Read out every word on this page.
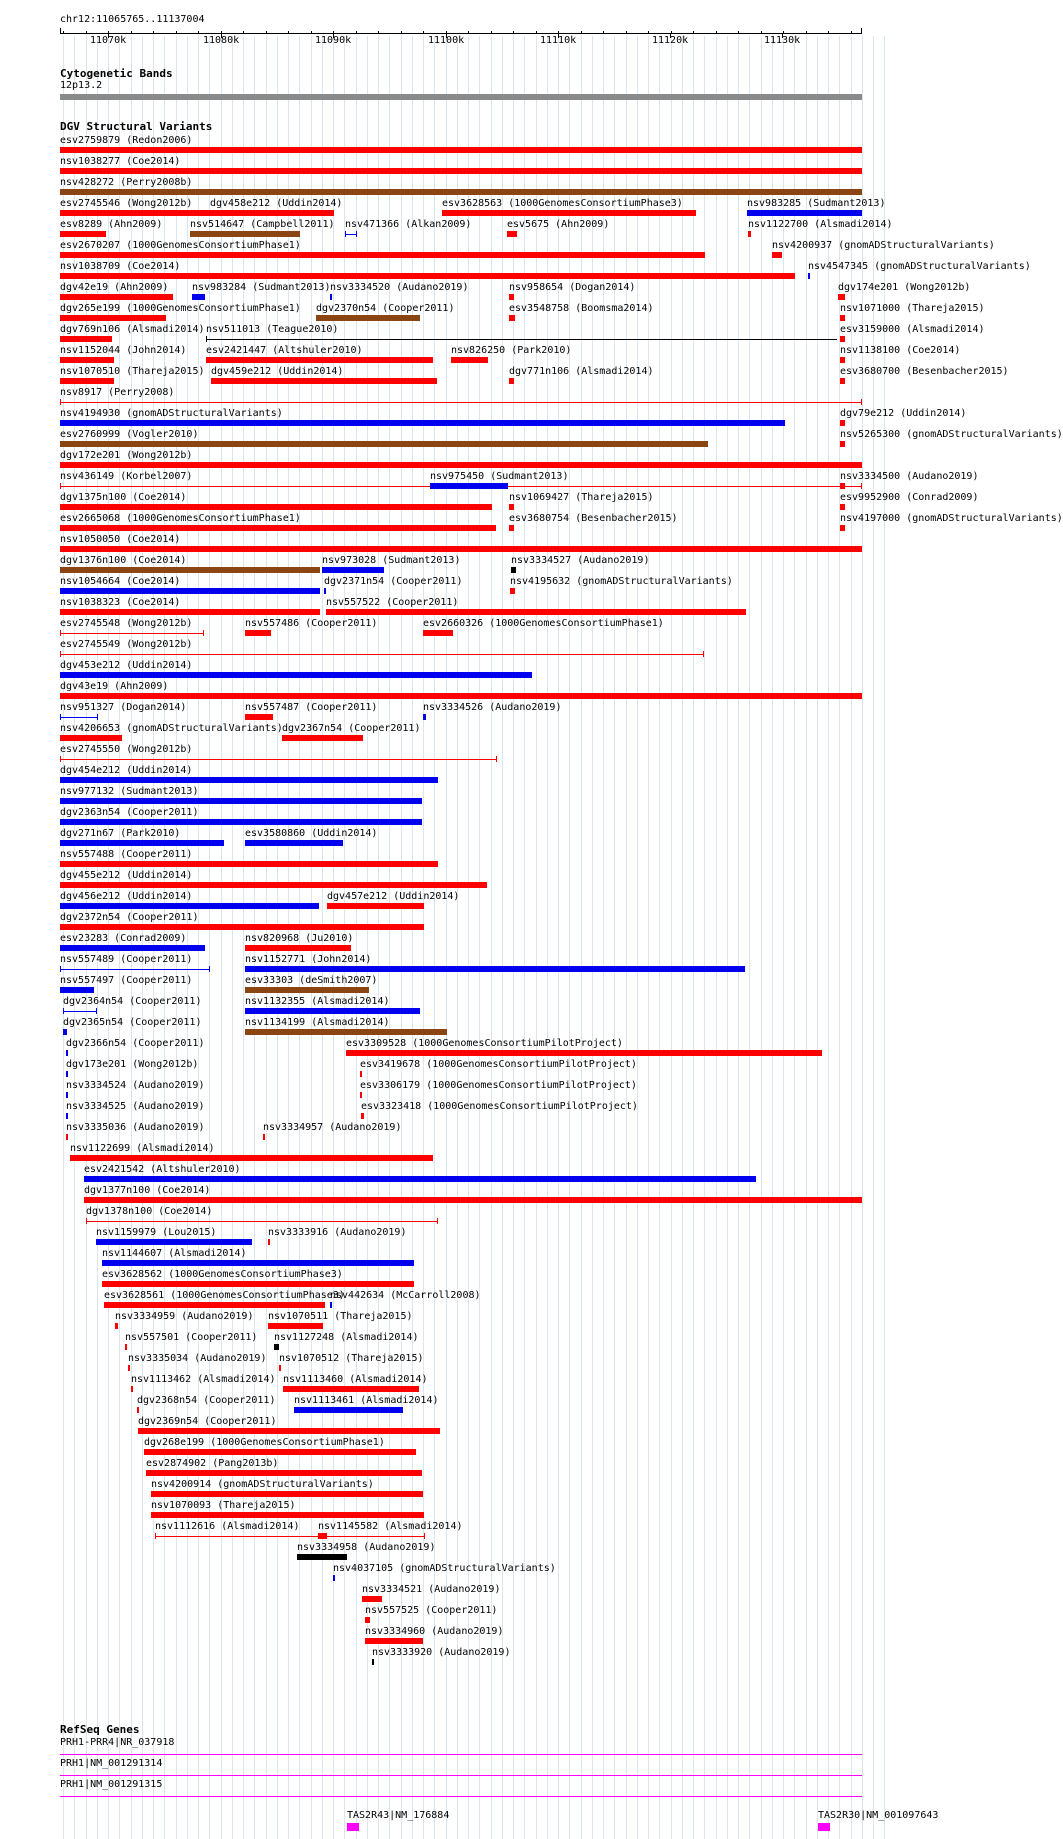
chr12:11065765..11137004
11070k	11080k	11090k	11100k	11110k	11120k	11130k
Cytogenetic Bands
12p13.2
DGV Structural Variants
esv2759879 (Redon2006)
nsv1038277 (Coe2014)
nsv428272 (Perry2008b)
esv2745546 (Wong2012b) dgv458e212 (Uddin2014)	esv3628563 (1000GenomesConsortiumPhase3)	nsv983285 (Sudmant2013)
esv8289 (Ahn2009)	nsv514647 (Campbell2011) nsv471366 (Alkan2009)	esv5675 (Ahn2009)	nsv1122700 (Alsmadi2014)
esv2670207 (1000GenomesConsortiumPhase1)	nsv4200937 (gnomADStructuralVariants)
nsv1038709 (Coe2014)	nsv4547345 (gnomADStructuralVariants)
dgv42e19 (Ahn2009) nsv983284 (Sudmant2013) nsv3334520 (Audano2019)	nsv958654 (Dogan2014)	dgv174e201 (Wong2012b)
dgv265e199 (1000GenomesConsortiumPhase1) dgv2370n54 (Cooper2011)	esv3548758 (Boomsma2014)	nsv1071000 (Thareja2015)
dgv769n106 (Alsmadi2014) nsv511013 (Teague2010)	esv3159000 (Alsmadi2014)
nsv1152044 (John2014) esv2421447 (Altshuler2010)	nsv826250 (Park2010)	nsv1138100 (Coe2014)
nsv1070510 (Thareja2015) dgv459e212 (Uddin2014)	dgv771n106 (Alsmadi2014)	esv3680700 (Besenbacher2015)
nsv8917 (Perry2008)
nsv4194930 (gnomADStructuralVariants)	dgv79e212 (Uddin2014)
esv2760999 (Vogler2010)	nsv5265300 (gnomADStructuralVariants)
dgv172e201 (Wong2012b)
nsv436149 (Korbel2007)	nsv975450 (Sudmant2013)	nsv3334500 (Audano2019)
dgv1375n100 (Coe2014)	nsv1069427 (Thareja2015)	esv9952900 (Conrad2009)
esv2665068 (1000GenomesConsortiumPhase1)	esv3680754 (Besenbacher2015)	nsv4197000 (gnomADStructuralVariants)
nsv1050050 (Coe2014)
dgv1376n100 (Coe2014)	nsv973028 (Sudmant2013)	nsv3334527 (Audano2019)
nsv1054664 (Coe2014)	dgv2371n54 (Cooper2011)	nsv4195632 (gnomADStructuralVariants)
nsv1038323 (Coe2014)	nsv557522 (Cooper2011)
esv2745548 (Wong2012b)	nsv557486 (Cooper2011)	esv2660326 (1000GenomesConsortiumPhase1)
esv2745549 (Wong2012b)
dgv453e212 (Uddin2014)
dgv43e19 (Ahn2009)
nsv951327 (Dogan2014)	nsv557487 (Cooper2011)	nsv3334526 (Audano2019)
nsv4206653 (gnomADStructuralVariants) dgv2367n54 (Cooper2011)
esv2745550 (Wong2012b)
dgv454e212 (Uddin2014)
nsv977132 (Sudmant2013)
dgv2363n54 (Cooper2011)
dgv271n67 (Park2010)	esv3580860 (Uddin2014)
nsv557488 (Cooper2011)
dgv455e212 (Uddin2014)
dgv456e212 (Uddin2014)	dgv457e212 (Uddin2014)
dgv2372n54 (Cooper2011)
esv23283 (Conrad2009)	nsv820968 (Ju2010)
nsv557489 (Cooper2011)	nsv1152771 (John2014)
nsv557497 (Cooper2011)	esv33303 (deSmith2007)
dgv2364n54 (Cooper2011)	nsv1132355 (Alsmadi2014)
dgv2365n54 (Cooper2011)	nsv1134199 (Alsmadi2014)
dgv2366n54 (Cooper2011)	esv3309528 (1000GenomesConsortiumPilotProject)
dgv173e201 (Wong2012b)	esv3419678 (1000GenomesConsortiumPilotProject)
nsv3334524 (Audano2019)	esv3306179 (1000GenomesConsortiumPilotProject)
nsv3334525 (Audano2019)	esv3323418 (1000GenomesConsortiumPilotProject)
nsv3335036 (Audano2019)	nsv3334957 (Audano2019)
nsv1122699 (Alsmadi2014)
esv2421542 (Altshuler2010)
dgv1377n100 (Coe2014)
dgv1378n100 (Coe2014)
nsv1159979 (Lou2015)	nsv3333916 (Audano2019)
nsv1144607 (Alsmadi2014)
esv3628562 (1000GenomesConsortiumPhase3)
esv3628561 (1000GenomesConsortiumPhase3)
nsv442634 (McCarroll2008)
nsv3334959 (Audano2019) nsv1070511 (Thareja2015)
nsv557501 (Cooper2011) nsv1127248 (Alsmadi2014)
nsv3335034 (Audano2019) nsv1070512 (Thareja2015)
nsv1113462 (Alsmadi2014) nsv1113460 (Alsmadi2014)
dgv2368n54 (Cooper2011) nsv1113461 (Alsmadi2014)
dgv2369n54 (Cooper2011)
dgv268e199 (1000GenomesConsortiumPhase1)
esv2874902 (Pang2013b)
nsv4200914 (gnomADStructuralVariants)
nsv1070093 (Thareja2015)
nsv1112616 (Alsmadi2014) nsv1145582 (Alsmadi2014)
nsv3334958 (Audano2019)
nsv4037105 (gnomADStructuralVariants)
nsv3334521 (Audano2019)
nsv557525 (Cooper2011)
nsv3334960 (Audano2019)
nsv3333920 (Audano2019)
RefSeq Genes
PRH1-PRR4|NR_037918
PRH1|NM_001291314
PRH1|NM_001291315
TAS2R43|NM_176884	TAS2R30|NM_001097643
